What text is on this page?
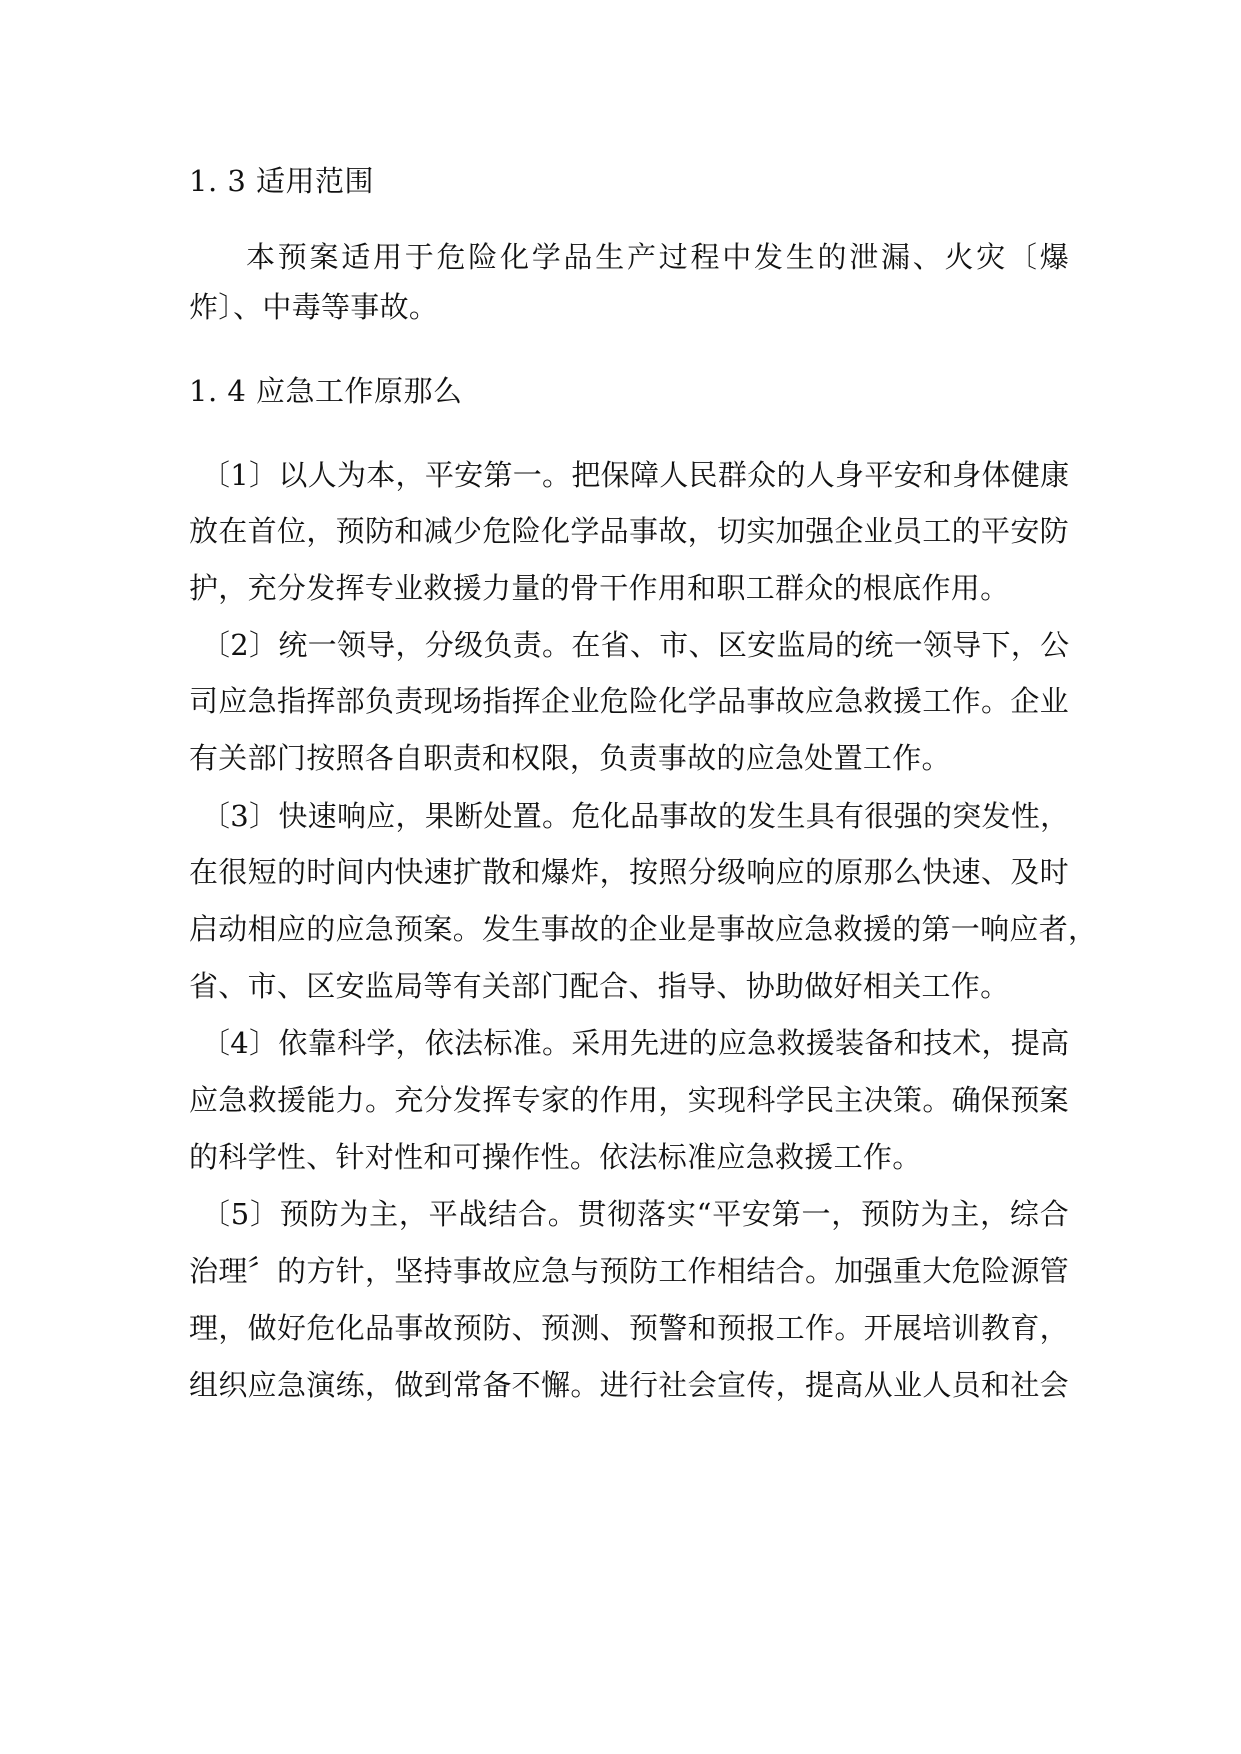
1. 3 适用范围
本预案适用于危险化学品生产过程中发生的泄漏、火灾〔爆
炸〕、中毒等事故。
1. 4 应急工作原那么
〔1〕以人为本，平安第一。把保障人民群众的人身平安和身体健康
放在首位，预防和减少危险化学品事故，切实加强企业员工的平安防
护，充分发挥专业救援力量的骨干作用和职工群众的根底作用。
〔2〕统一领导，分级负责。在省、市、区安监局的统一领导下，公
司应急指挥部负责现场指挥企业危险化学品事故应急救援工作。企业
有关部门按照各自职责和权限，负责事故的应急处置工作。
〔3〕快速响应，果断处置。危化品事故的发生具有很强的突发性，
在很短的时间内快速扩散和爆炸，按照分级响应的原那么快速、及时
启动相应的应急预案。发生事故的企业是事故应急救援的第一响应者，
省、市、区安监局等有关部门配合、指导、协助做好相关工作。
〔4〕依靠科学，依法标准。采用先进的应急救援装备和技术，提高
应急救援能力。充分发挥专家的作用，实现科学民主决策。确保预案
的科学性、针对性和可操作性。依法标准应急救援工作。
〔5〕预防为主，平战结合。贯彻落实“平安第一，预防为主，综合
治理〞的方针，坚持事故应急与预防工作相结合。加强重大危险源管
理，做好危化品事故预防、预测、预警和预报工作。开展培训教育，
组织应急演练，做到常备不懈。进行社会宣传，提高从业人员和社会
